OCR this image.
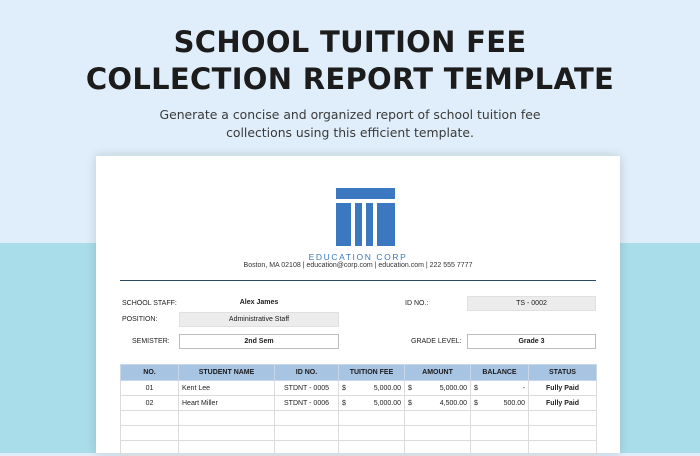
SCHOOL TUITION FEE
COLLECTION REPORT TEMPLATE
Generate a concise and organized report of school tuition fee
collections using this efficient template.
EDUCATION CORP
Boston, MA 02108 | education@corp.com | education.com | 222 555 7777
SCHOOL STAFF:	Alex James
POSITION:	Administrative Staff
SEMISTER:	2nd Sem
ID NO.:	TS - 0002
GRADE LEVEL:	Grade 3
NO.	STUDENT NAME	ID NO.	TUITION FEE	AMOUNT	BALANCE	STATUS
01	Kent Lee	STDNT - 0005	$ 5,000.00	$ 5,000.00	$ -	Fully Paid
02	Heart Miller	STDNT - 0006	$ 5,000.00	$ 4,500.00	$ 500.00	Fully Paid
